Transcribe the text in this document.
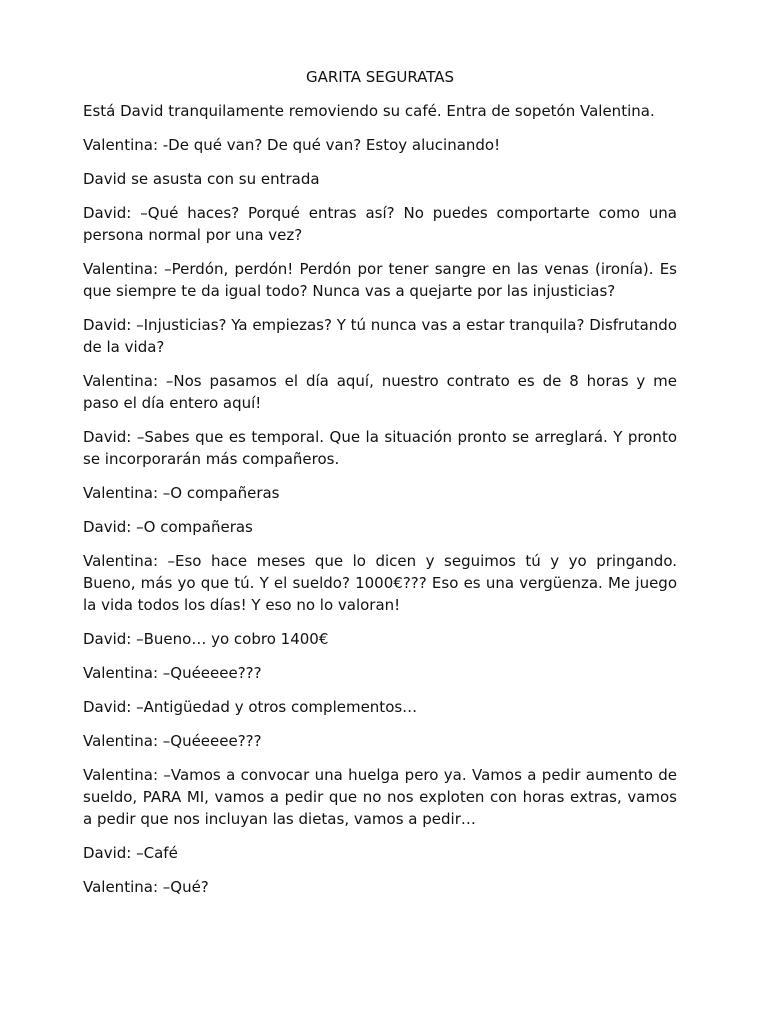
GARITA SEGURATAS

Está David tranquilamente removiendo su café. Entra de sopetón Valentina.

Valentina: -De qué van? De qué van? Estoy alucinando!

David se asusta con su entrada

David: –Qué haces? Porqué entras así? No puedes comportarte como una persona normal por una vez?

Valentina: –Perdón, perdón! Perdón por tener sangre en las venas (ironía). Es que siempre te da igual todo? Nunca vas a quejarte por las injusticias?

David: –Injusticias? Ya empiezas? Y tú nunca vas a estar tranquila? Disfrutando de la vida?

Valentina: –Nos pasamos el día aquí, nuestro contrato es de 8 horas y me paso el día entero aquí!

David: –Sabes que es temporal. Que la situación pronto se arreglará. Y pronto se incorporarán más compañeros.

Valentina: –O compañeras

David: –O compañeras

Valentina: –Eso hace meses que lo dicen y seguimos tú y yo pringando. Bueno, más yo que tú. Y el sueldo? 1000€??? Eso es una vergüenza. Me juego la vida todos los días! Y eso no lo valoran!

David: –Bueno… yo cobro 1400€

Valentina: –Quéeeee???

David: –Antigüedad y otros complementos…

Valentina: –Quéeeee???

Valentina: –Vamos a convocar una huelga pero ya. Vamos a pedir aumento de sueldo, PARA MI, vamos a pedir que no nos exploten con horas extras, vamos a pedir que nos incluyan las dietas, vamos a pedir…

David: –Café

Valentina: –Qué?
